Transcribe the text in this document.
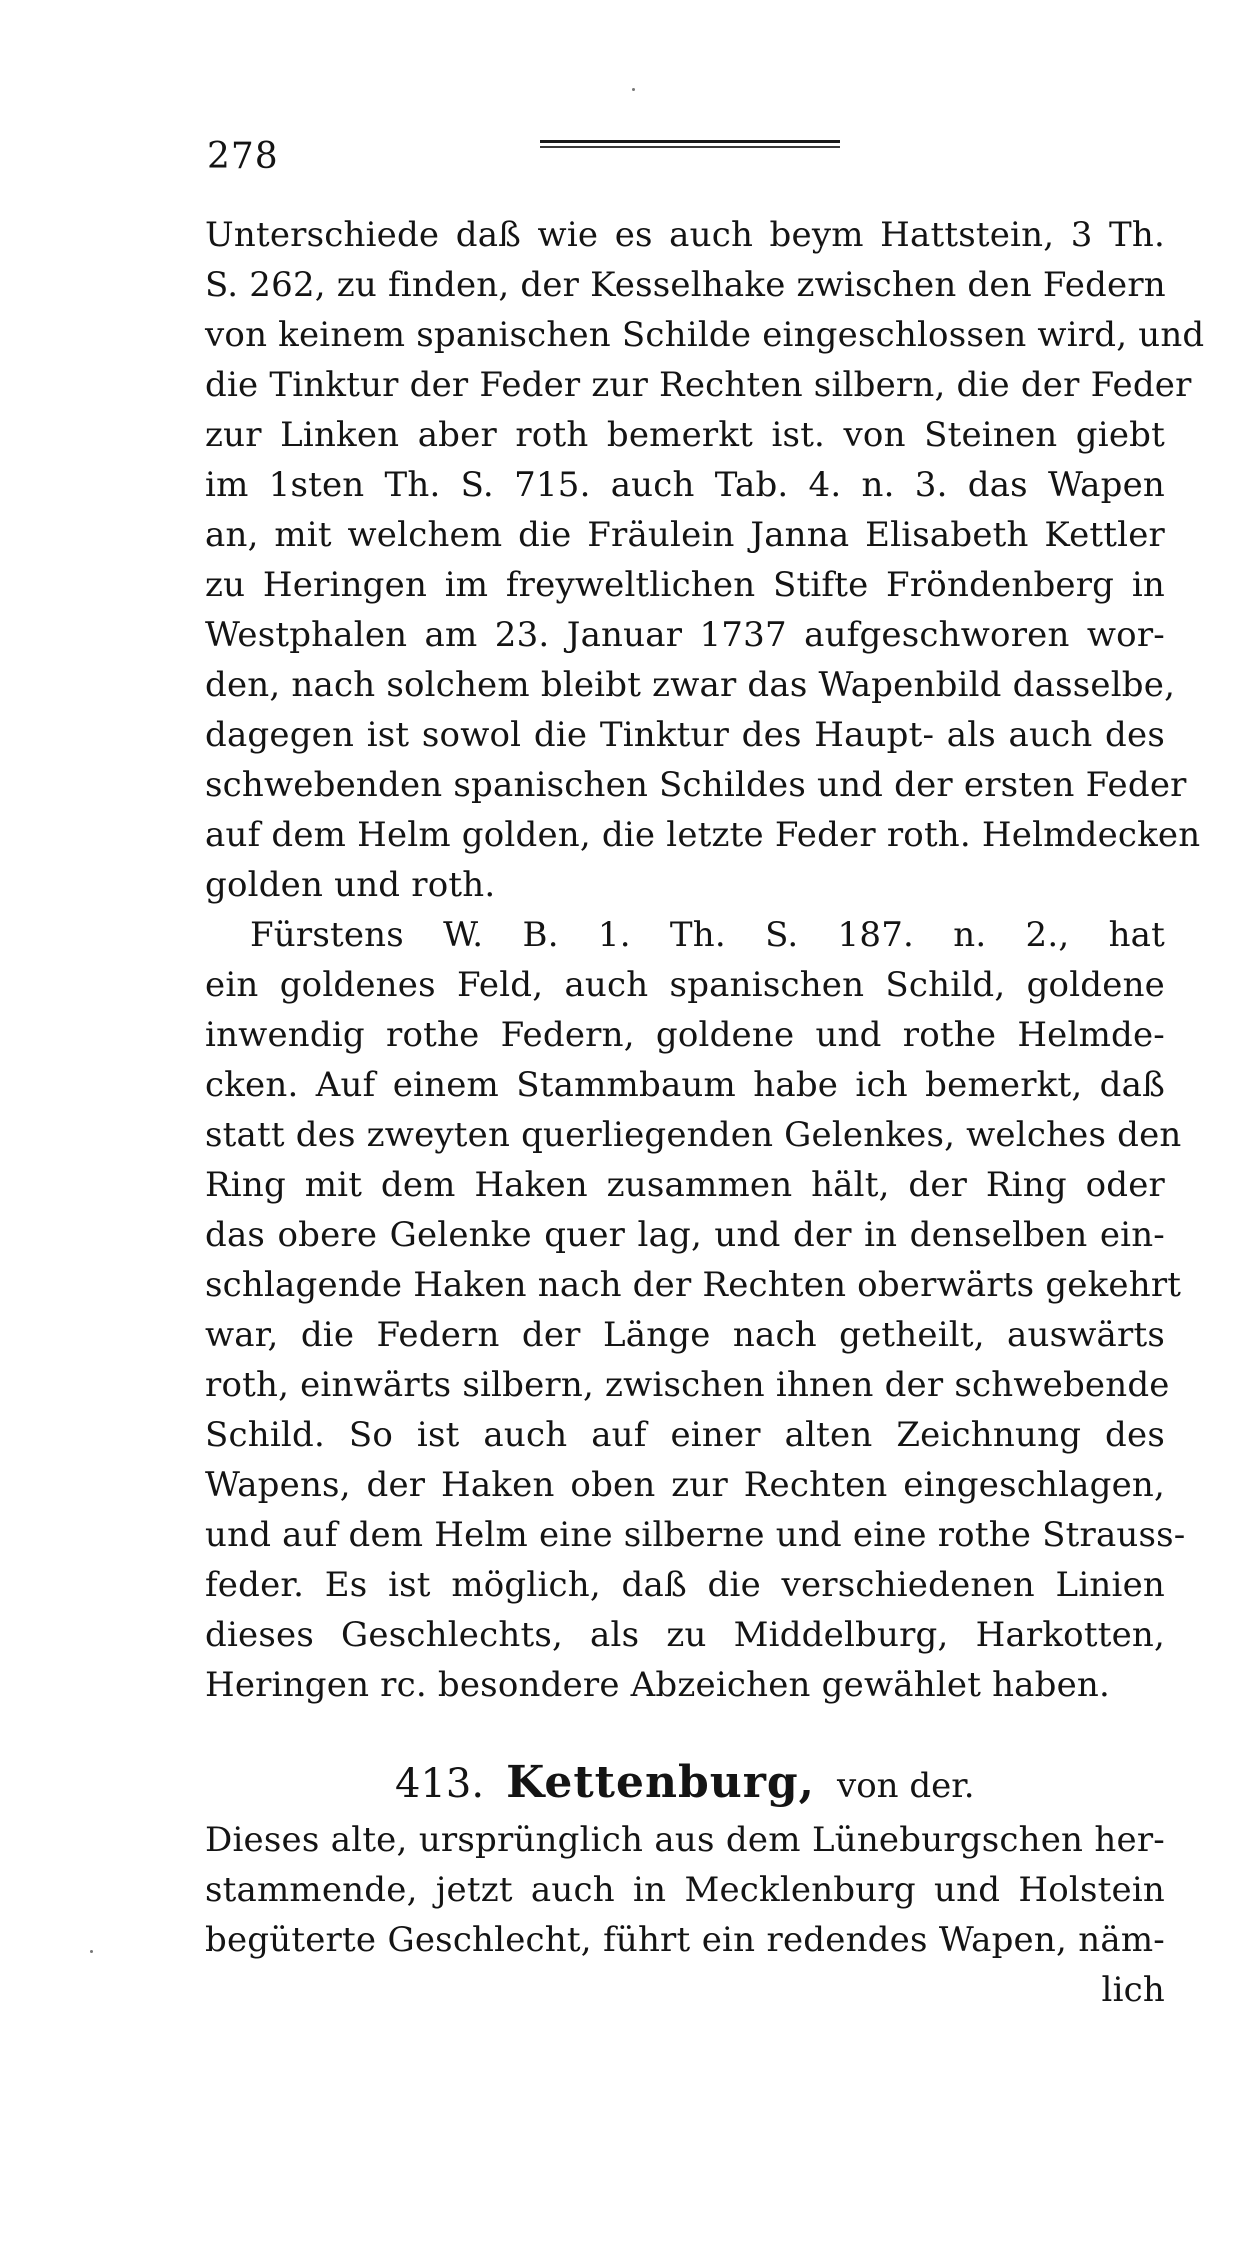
278
Unterschiede daß wie es auch beym Hattstein, 3 Th.
S. 262, zu finden, der Kesselhake zwischen den Federn
von keinem spanischen Schilde eingeschlossen wird, und
die Tinktur der Feder zur Rechten silbern, die der Feder
zur Linken aber roth bemerkt ist. von Steinen giebt
im 1sten Th. S. 715. auch Tab. 4. n. 3. das Wapen
an, mit welchem die Fräulein Janna Elisabeth Kettler
zu Heringen im freyweltlichen Stifte Fröndenberg in
Westphalen am 23. Januar 1737 aufgeschworen wor-
den, nach solchem bleibt zwar das Wapenbild dasselbe,
dagegen ist sowol die Tinktur des Haupt- als auch des
schwebenden spanischen Schildes und der ersten Feder
auf dem Helm golden, die letzte Feder roth. Helmdecken
golden und roth.
Fürstens W. B. 1. Th. S. 187. n. 2., hat
ein goldenes Feld, auch spanischen Schild, goldene
inwendig rothe Federn, goldene und rothe Helmde-
cken. Auf einem Stammbaum habe ich bemerkt, daß
statt des zweyten querliegenden Gelenkes, welches den
Ring mit dem Haken zusammen hält, der Ring oder
das obere Gelenke quer lag, und der in denselben ein-
schlagende Haken nach der Rechten oberwärts gekehrt
war, die Federn der Länge nach getheilt, auswärts
roth, einwärts silbern, zwischen ihnen der schwebende
Schild. So ist auch auf einer alten Zeichnung des
Wapens, der Haken oben zur Rechten eingeschlagen,
und auf dem Helm eine silberne und eine rothe Strauss-
feder. Es ist möglich, daß die verschiedenen Linien
dieses Geschlechts, als zu Middelburg, Harkotten,
Heringen rc. besondere Abzeichen gewählet haben.
413. Kettenburg, von der.
Dieses alte, ursprünglich aus dem Lüneburgschen her-
stammende, jetzt auch in Mecklenburg und Holstein
begüterte Geschlecht, führt ein redendes Wapen, näm-
lich
